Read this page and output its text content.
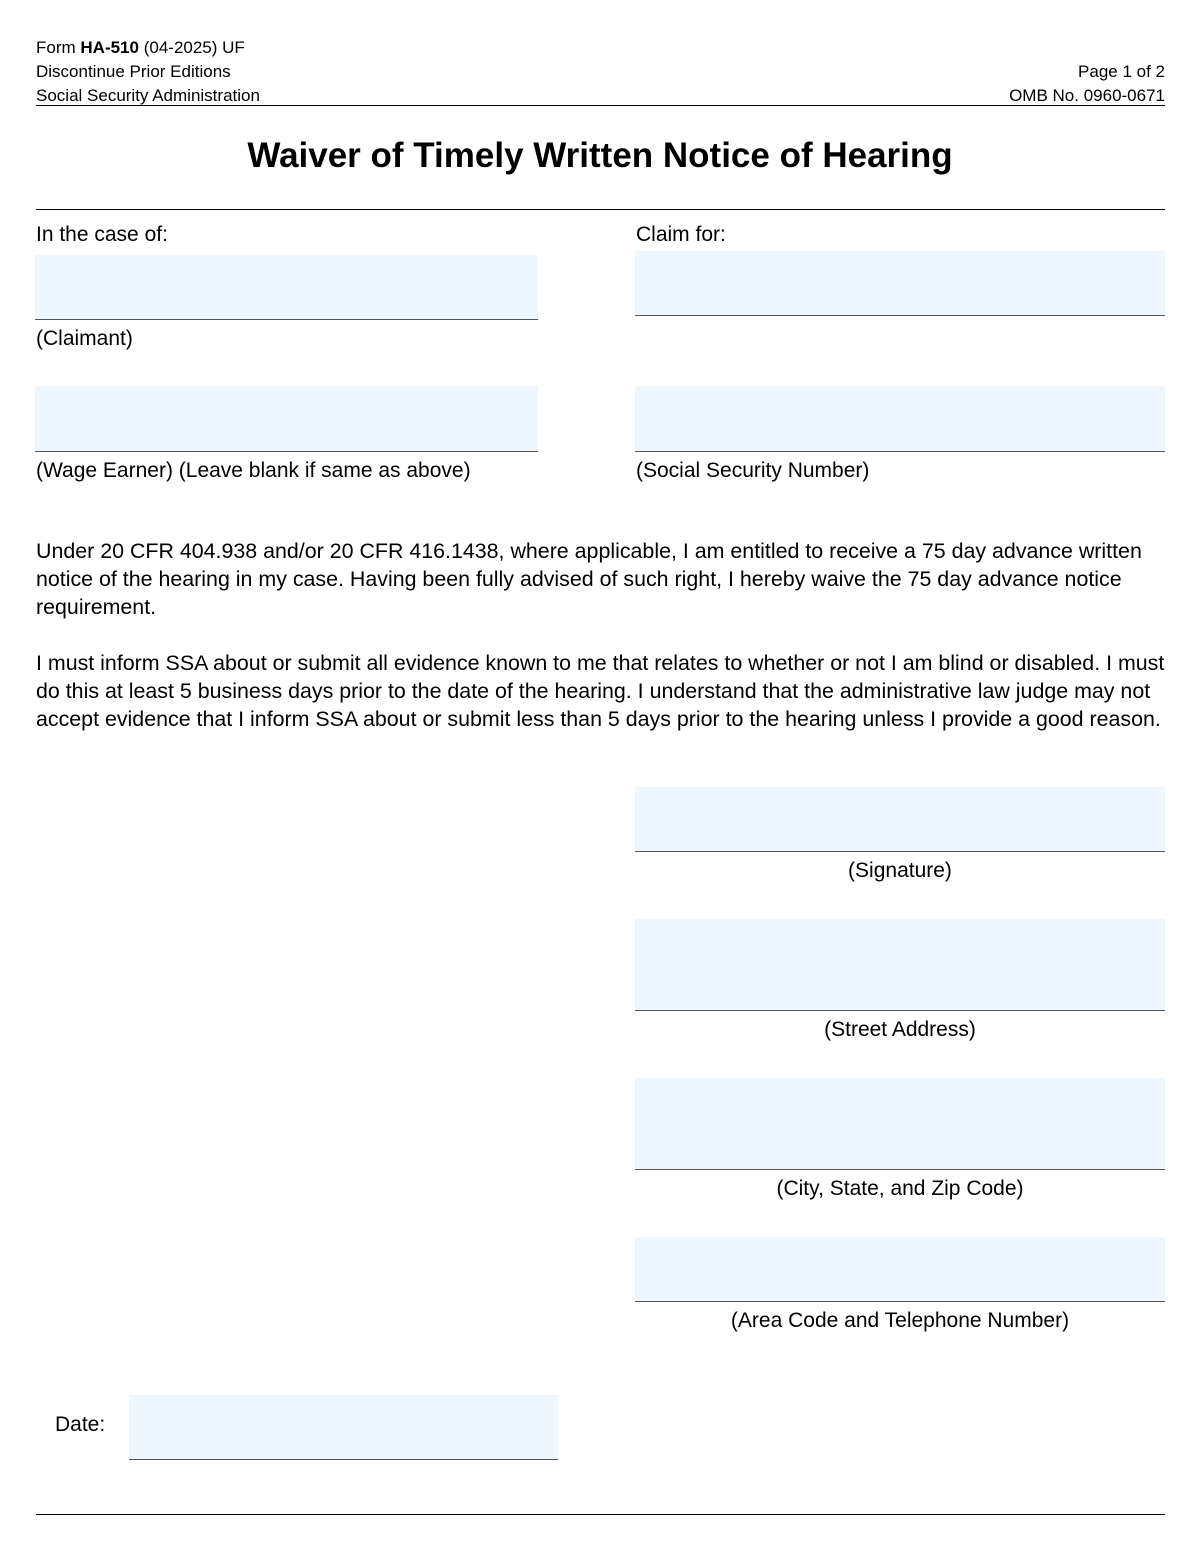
Form HA-510 (04-2025) UF
Discontinue Prior Editions
Social Security Administration
Page 1 of 2
OMB No. 0960-0671
Waiver of Timely Written Notice of Hearing
In the case of:	Claim for:
(Claimant)
(Wage Earner) (Leave blank if same as above)	(Social Security Number)
Under 20 CFR 404.938 and/or 20 CFR 416.1438, where applicable, I am entitled to receive a 75 day advance written notice of the hearing in my case. Having been fully advised of such right, I hereby waive the 75 day advance notice requirement.
I must inform SSA about or submit all evidence known to me that relates to whether or not I am blind or disabled. I must do this at least 5 business days prior to the date of the hearing. I understand that the administrative law judge may not accept evidence that I inform SSA about or submit less than 5 days prior to the hearing unless I provide a good reason.
(Signature)
(Street Address)
(City, State, and Zip Code)
(Area Code and Telephone Number)
Date:
